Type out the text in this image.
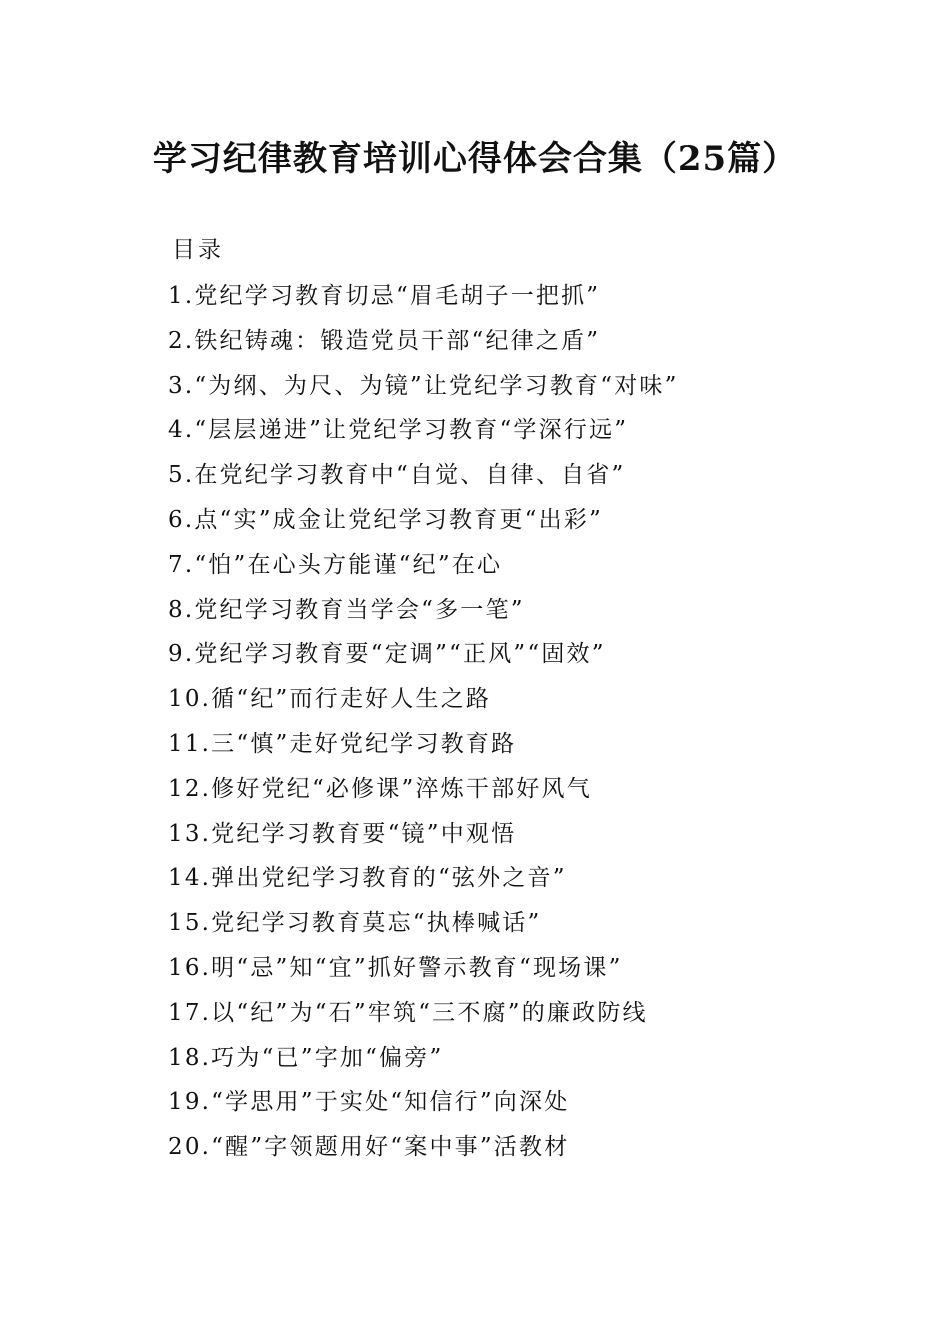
学习纪律教育培训心得体会合集（25篇）
目录
1.党纪学习教育切忌“眉毛胡子一把抓”
2.铁纪铸魂：锻造党员干部“纪律之盾”
3.“为纲、为尺、为镜”让党纪学习教育“对味”
4.“层层递进”让党纪学习教育“学深行远”
5.在党纪学习教育中“自觉、自律、自省”
6.点“实”成金让党纪学习教育更“出彩”
7.“怕”在心头方能谨“纪”在心
8.党纪学习教育当学会“多一笔”
9.党纪学习教育要“定调”“正风”“固效”
10.循“纪”而行走好人生之路
11.三“慎”走好党纪学习教育路
12.修好党纪“必修课”淬炼干部好风气
13.党纪学习教育要“镜”中观悟
14.弹出党纪学习教育的“弦外之音”
15.党纪学习教育莫忘“执棒喊话”
16.明“忌”知“宜”抓好警示教育“现场课”
17.以“纪”为“石”牢筑“三不腐”的廉政防线
18.巧为“已”字加“偏旁”
19.“学思用”于实处“知信行”向深处
20.“醒”字领题用好“案中事”活教材
